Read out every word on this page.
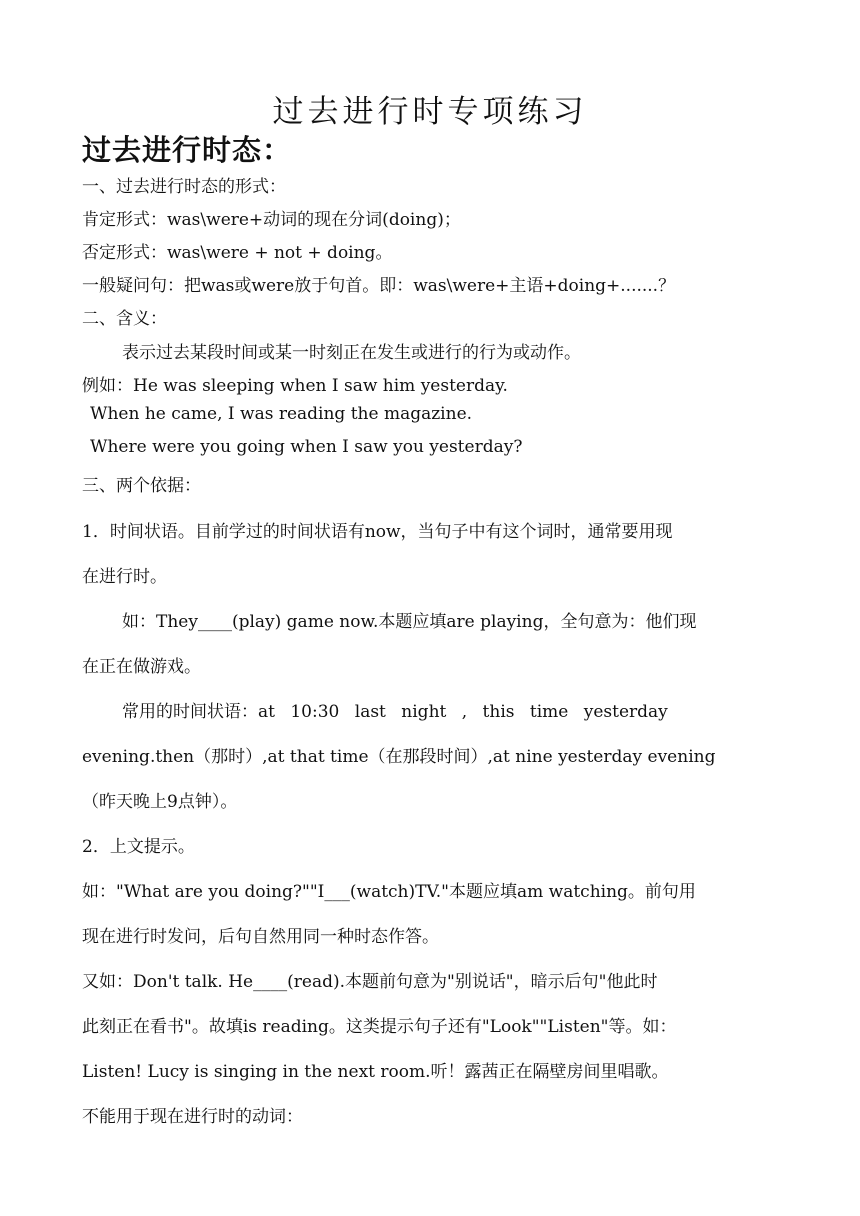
过去进行时专项练习
过去进行时态：
一、过去进行时态的形式：
肯定形式：was\were+动词的现在分词(doing)；
否定形式：was\were + not + doing。
一般疑问句：把was或were放于句首。即：was\were+主语+doing+.......？
二、含义：
表示过去某段时间或某一时刻正在发生或进行的行为或动作。
例如：He was sleeping when I saw him yesterday.
When he came, I was reading the magazine.
Where were you going when I saw you yesterday?
三、两个依据：
1．时间状语。目前学过的时间状语有now，当句子中有这个词时，通常要用现
在进行时。
如：They____(play) game now.本题应填are playing，全句意为：他们现
在正在做游戏。
常用的时间状语：at 10:30 last night , this time yesterday
evening.then（那时）,at that time（在那段时间）,at nine yesterday evening
（昨天晚上9点钟）。
2．上文提示。
如："What are you doing?""I___(watch)TV."本题应填am watching。前句用
现在进行时发问，后句自然用同一种时态作答。
又如：Don't talk. He____(read).本题前句意为"别说话"，暗示后句"他此时
此刻正在看书"。故填is reading。这类提示句子还有"Look""Listen"等。如：
Listen! Lucy is singing in the next room.听！露茜正在隔壁房间里唱歌。
不能用于现在进行时的动词：
